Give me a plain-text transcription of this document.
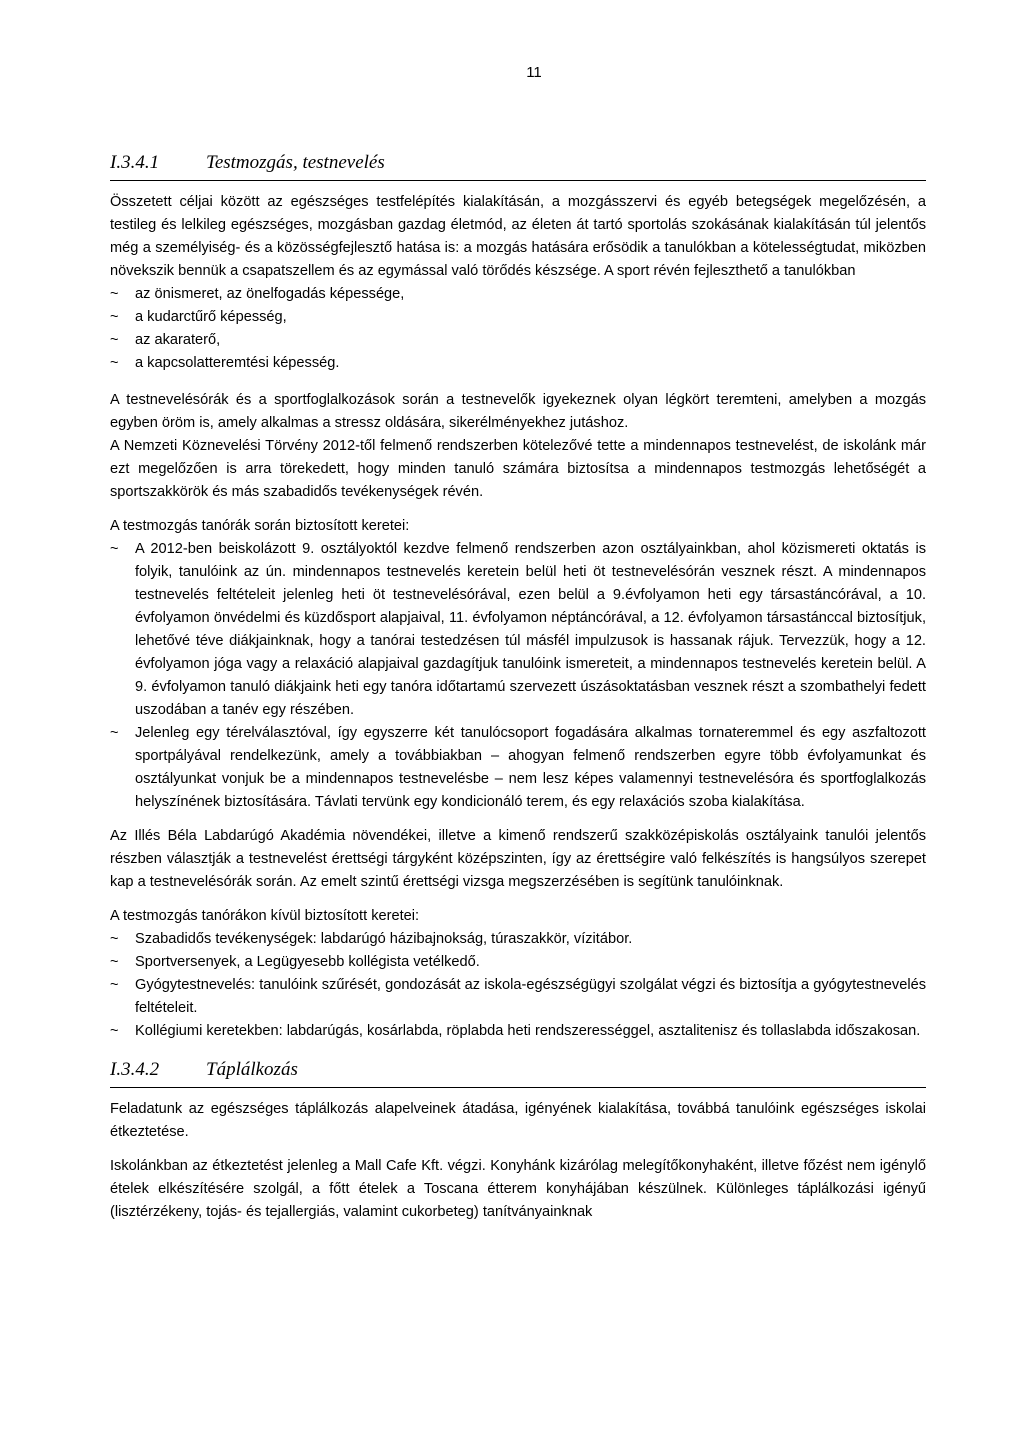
11
I.3.4.1 Testmozgás, testnevelés

Összetett céljai között az egészséges testfelépítés kialakításán, a mozgásszervi és egyéb betegségek megelőzésén, a testileg és lelkileg egészséges, mozgásban gazdag életmód, az életen át tartó sportolás szokásának kialakításán túl jelentős még a személyiség- és a közösségfejlesztő hatása is: a mozgás hatására erősödik a tanulókban a kötelességtudat, miközben növekszik bennük a csapatszellem és az egymással való törődés készsége. A sport révén fejleszthető a tanulókban

~ az önismeret, az önelfogadás képessége,
~ a kudarctűrő képesség,
~ az akaraterő,
~ a kapcsolatteremtési képesség.

A testnevelésórák és a sportfoglalkozások során a testnevelők igyekeznek olyan légkört teremteni, amelyben a mozgás egyben öröm is, amely alkalmas a stressz oldására, sikerélményekhez jutáshoz.

A Nemzeti Köznevelési Törvény 2012-től felmenő rendszerben kötelezővé tette a mindennapos testnevelést, de iskolánk már ezt megelőzően is arra törekedett, hogy minden tanuló számára biztosítsa a mindennapos testmozgás lehetőségét a sportszakkörök és más szabadidős tevékenységek révén.

A testmozgás tanórák során biztosított keretei:

~ A 2012-ben beiskolázott 9. osztályoktól kezdve felmenő rendszerben azon osztályainkban, ahol közismereti oktatás is folyik, tanulóink az ún. mindennapos testnevelés keretein belül heti öt testnevelésórán vesznek részt. A mindennapos testnevelés feltételeit jelenleg heti öt testnevelésórával, ezen belül a 9.évfolyamon heti egy társastáncórával, a 10. évfolyamon önvédelmi és küzdősport alapjaival, 11. évfolyamon néptáncórával, a 12. évfolyamon társastánccal biztosítjuk, lehetővé téve diákjainknak, hogy a tanórai testedzésen túl másfél impulzusok is hassanak rájuk. Tervezzük, hogy a 12. évfolyamon jóga vagy a relaxáció alapjaival gazdagítjuk tanulóink ismereteit, a mindennapos testnevelés keretein belül. A 9. évfolyamon tanuló diákjaink heti egy tanóra időtartamú szervezett úszásoktatásban vesznek részt a szombathelyi fedett uszodában a tanév egy részében.
~ Jelenleg egy térelválasztóval, így egyszerre két tanulócsoport fogadására alkalmas tornateremmel és egy aszfaltozott sportpályával rendelkezünk, amely a továbbiakban – ahogyan felmenő rendszerben egyre több évfolyamunkat és osztályunkat vonjuk be a mindennapos testnevelésbe – nem lesz képes valamennyi testnevelésóra és sportfoglalkozás helyszínének biztosítására. Távlati tervünk egy kondicionáló terem, és egy relaxációs szoba kialakítása.

Az Illés Béla Labdarúgó Akadémia növendékei, illetve a kimenő rendszerű szakközépiskolás osztályaink tanulói jelentős részben választják a testnevelést érettségi tárgyként középszinten, így az érettségire való felkészítés is hangsúlyos szerepet kap a testnevelésórák során. Az emelt szintű érettségi vizsga megszerzésében is segítünk tanulóinknak.

A testmozgás tanórákon kívül biztosított keretei:

~ Szabadidős tevékenységek: labdarúgó házibajnokság, túraszakkör, vízitábor.
~ Sportversenyek, a Legügyesebb kollégista vetélkedő.
~ Gyógytestnevelés: tanulóink szűrését, gondozását az iskola-egészségügyi szolgálat végzi és biztosítja a gyógytestnevelés feltételeit.
~ Kollégiumi keretekben: labdarúgás, kosárlabda, röplabda heti rendszerességgel, asztalitenisz és tollaslabda időszakosan.
I.3.4.2 Táplálkozás

Feladatunk az egészséges táplálkozás alapelveinek átadása, igényének kialakítása, továbbá tanulóink egészséges iskolai étkeztetése.

Iskolánkban az étkeztetést jelenleg a Mall Cafe Kft. végzi. Konyhánk kizárólag melegítőkonyhaként, illetve főzést nem igénylő ételek elkészítésére szolgál, a főtt ételek a Toscana étterem konyhájában készülnek. Különleges táplálkozási igényű (lisztérzékeny, tojás- és tejallergiás, valamint cukorbeteg) tanítványainknak
